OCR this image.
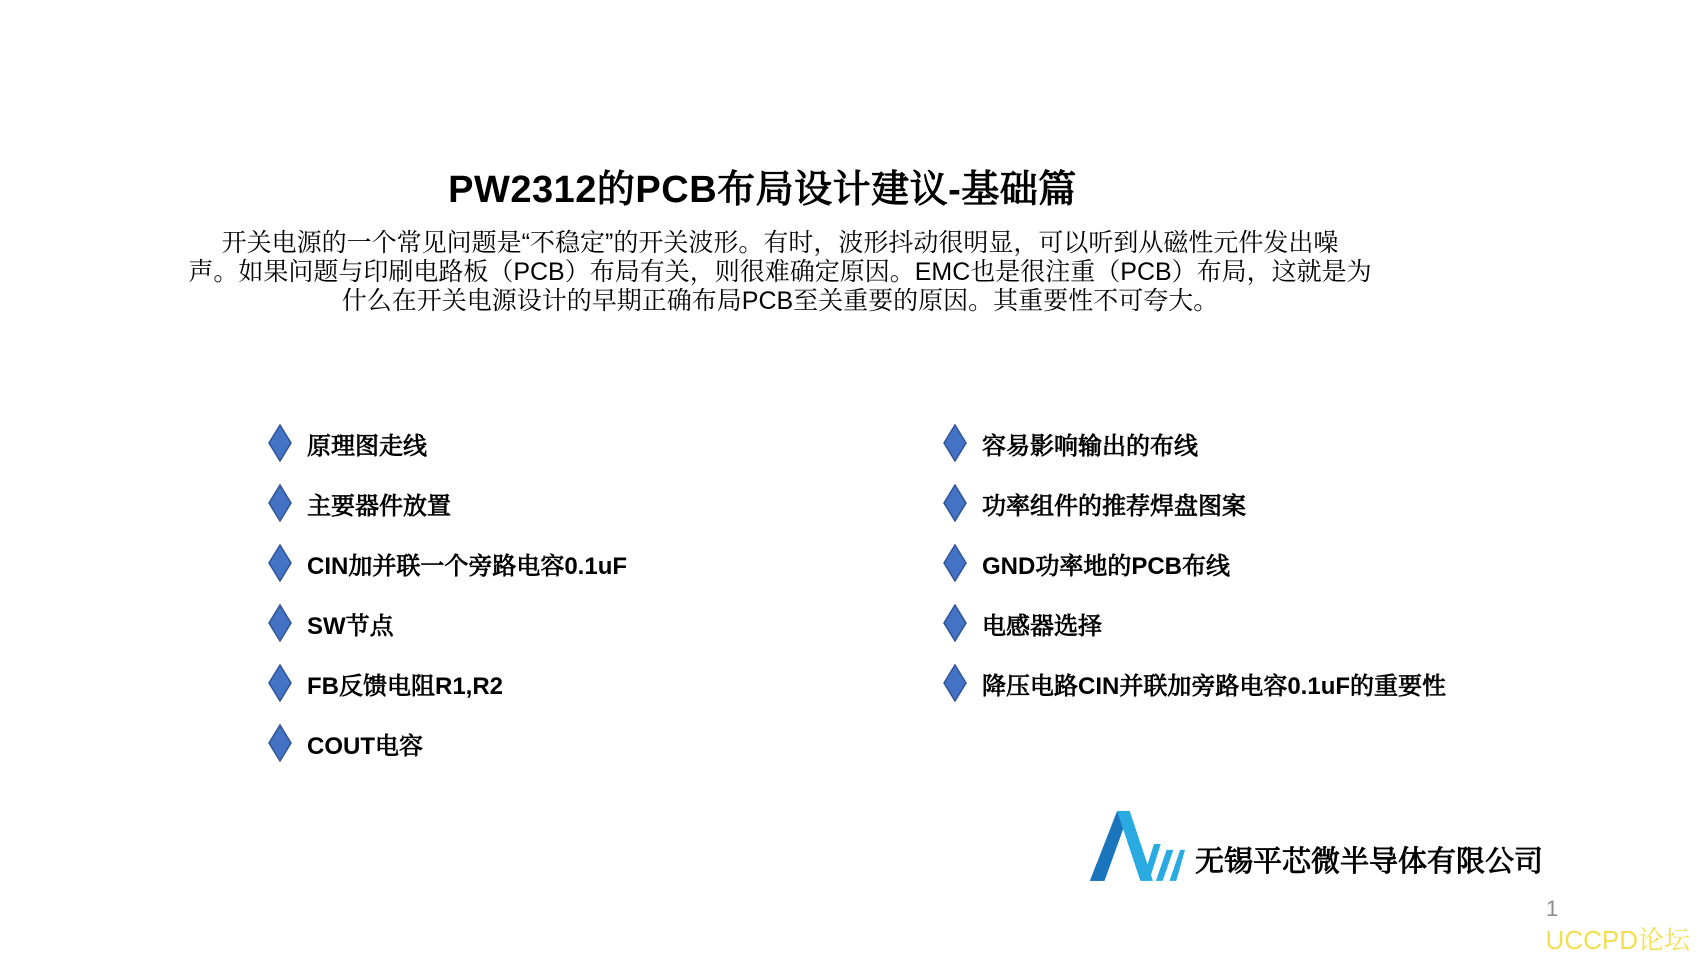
PW2312的PCB布局设计建议-基础篇
开关电源的一个常见问题是“不稳定”的开关波形。有时，波形抖动很明显，可以听到从磁性元件发出噪
声。如果问题与印刷电路板（PCB）布局有关，则很难确定原因。EMC也是很注重（PCB）布局，这就是为
什么在开关电源设计的早期正确布局PCB至关重要的原因。其重要性不可夸大。
原理图走线
主要器件放置
CIN加并联一个旁路电容0.1uF
SW节点
FB反馈电阻R1,R2
COUT电容
容易影响输出的布线
功率组件的推荐焊盘图案
GND功率地的PCB布线
电感器选择
降压电路CIN并联加旁路电容0.1uF的重要性
无锡平芯微半导体有限公司
1
UCCPD论坛
